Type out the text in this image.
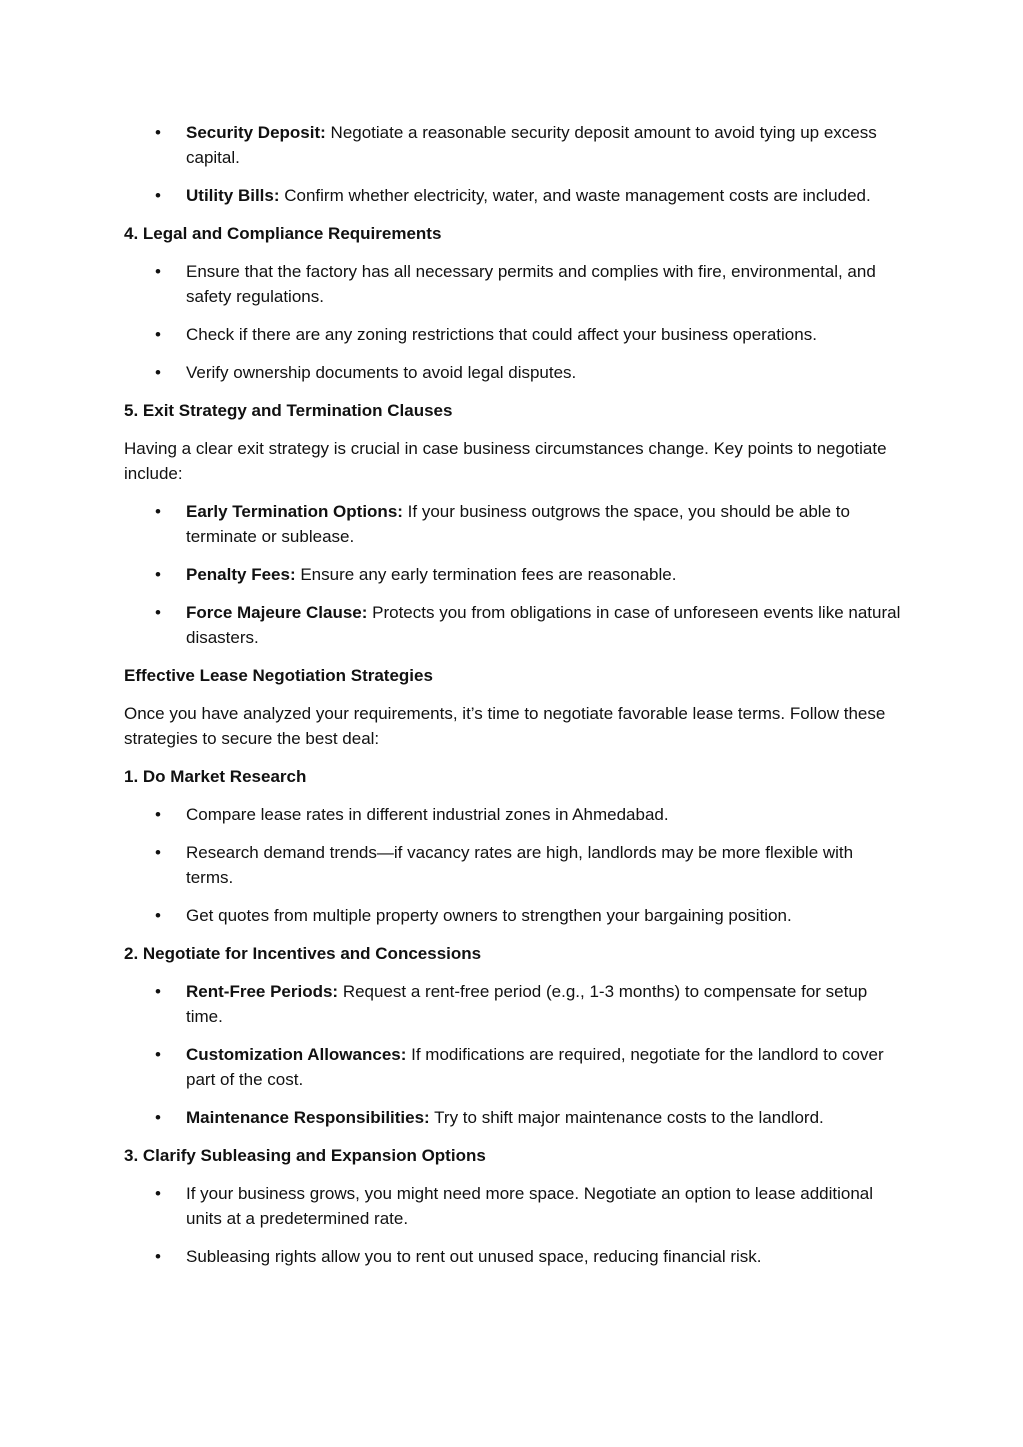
• Security Deposit: Negotiate a reasonable security deposit amount to avoid tying up excess capital.
• Utility Bills: Confirm whether electricity, water, and waste management costs are included.
4. Legal and Compliance Requirements
• Ensure that the factory has all necessary permits and complies with fire, environmental, and safety regulations.
• Check if there are any zoning restrictions that could affect your business operations.
• Verify ownership documents to avoid legal disputes.
5. Exit Strategy and Termination Clauses

Having a clear exit strategy is crucial in case business circumstances change. Key points to negotiate include:

• Early Termination Options: If your business outgrows the space, you should be able to terminate or sublease.
• Penalty Fees: Ensure any early termination fees are reasonable.
• Force Majeure Clause: Protects you from obligations in case of unforeseen events like natural disasters.
Effective Lease Negotiation Strategies

Once you have analyzed your requirements, it’s time to negotiate favorable lease terms. Follow these strategies to secure the best deal:

1. Do Market Research
• Compare lease rates in different industrial zones in Ahmedabad.
• Research demand trends—if vacancy rates are high, landlords may be more flexible with terms.
• Get quotes from multiple property owners to strengthen your bargaining position.
2. Negotiate for Incentives and Concessions
• Rent-Free Periods: Request a rent-free period (e.g., 1-3 months) to compensate for setup time.
• Customization Allowances: If modifications are required, negotiate for the landlord to cover part of the cost.
• Maintenance Responsibilities: Try to shift major maintenance costs to the landlord.
3. Clarify Subleasing and Expansion Options
• If your business grows, you might need more space. Negotiate an option to lease additional units at a predetermined rate.
• Subleasing rights allow you to rent out unused space, reducing financial risk.
